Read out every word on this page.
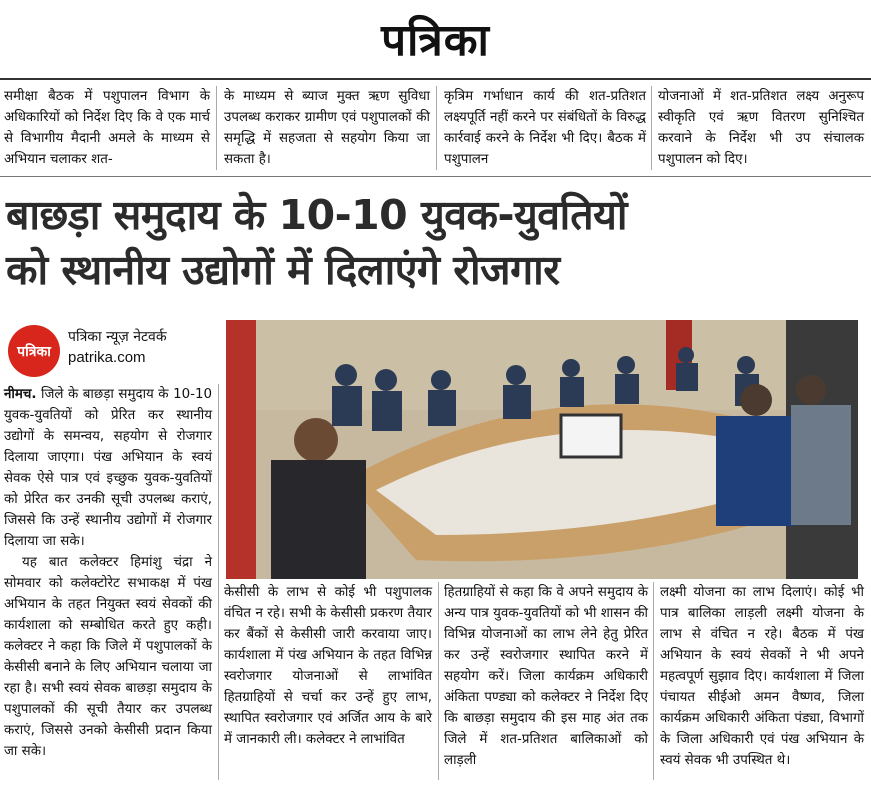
पत्रिका
समीक्षा बैठक में पशुपालन विभाग के अधिकारियों को निर्देश दिए कि वे एक मार्च से विभागीय मैदानी अमले के माध्यम से अभियान चलाकर शत-
के माध्यम से ब्याज मुक्त ऋण सुविधा उपलब्ध कराकर ग्रामीण एवं पशुपालकों की समृद्धि में सहजता से सहयोग किया जा सकता है।
कृत्रिम गर्भाधान कार्य की शत-प्रतिशत लक्ष्यपूर्ति नहीं करने पर संबंधितों के विरुद्ध कार्रवाई करने के निर्देश भी दिए। बैठक में पशुपालन
योजनाओं में शत-प्रतिशत लक्ष्य अनुरूप स्वीकृति एवं ऋण वितरण सुनिश्चित करवाने के निर्देश भी उप संचालक पशुपालन को दिए।
बाछड़ा समुदाय के 10-10 युवक-युवतियों
को स्थानीय उद्योगों में दिलाएंगे रोजगार
पत्रिका
पत्रिका न्यूज़ नेटवर्क
patrika.com

नीमच. जिले के बाछड़ा समुदाय के 10-10 युवक-युवतियों को प्रेरित कर स्थानीय उद्योगों के समन्वय, सहयोग से रोजगार दिलाया जाएगा। पंख अभियान के स्वयं सेवक ऐसे पात्र एवं इच्छुक युवक-युवतियों को प्रेरित कर उनकी सूची उपलब्ध कराएं, जिससे कि उन्हें स्थानीय उद्योगों में रोजगार दिलाया जा सके।

यह बात कलेक्टर हिमांशु चंद्रा ने सोमवार को कलेक्टोरेट सभाकक्ष में पंख अभियान के तहत नियुक्त स्वयं सेवकों की कार्यशाला को सम्बोधित करते हुए कही। कलेक्टर ने कहा कि जिले में पशुपालकों के केसीसी बनाने के लिए अभियान चलाया जा रहा है। सभी स्वयं सेवक बाछड़ा समुदाय के पशुपालकों की सूची तैयार कर उपलब्ध कराएं, जिससे उनको केसीसी प्रदान किया जा सके।

केसीसी के लाभ से कोई भी पशुपालक वंचित न रहे। सभी के केसीसी प्रकरण तैयार कर बैंकों से केसीसी जारी करवाया जाए। कार्यशाला में पंख अभियान के तहत विभिन्न स्वरोजगार योजनाओं से लाभांवित हितग्राहियों से चर्चा कर उन्हें हुए लाभ, स्थापित स्वरोजगार एवं अर्जित आय के बारे में जानकारी ली। कलेक्टर ने लाभांवित
हितग्राहियों से कहा कि वे अपने समुदाय के अन्य पात्र युवक-युवतियों को भी शासन की विभिन्न योजनाओं का लाभ लेने हेतु प्रेरित कर उन्हें स्वरोजगार स्थापित करने में सहयोग करें। जिला कार्यक्रम अधिकारी अंकिता पण्ड्या को कलेक्टर ने निर्देश दिए कि बाछड़ा समुदाय की इस माह अंत तक जिले में शत-प्रतिशत बालिकाओं को लाड़ली
लक्ष्मी योजना का लाभ दिलाएं। कोई भी पात्र बालिका लाड़ली लक्ष्मी योजना के लाभ से वंचित न रहे। बैठक में पंख अभियान के स्वयं सेवकों ने भी अपने महत्वपूर्ण सुझाव दिए। कार्यशाला में जिला पंचायत सीईओ अमन वैष्णव, जिला कार्यक्रम अधिकारी अंकिता पंड्या, विभागों के जिला अधिकारी एवं पंख अभियान के स्वयं सेवक भी उपस्थित थे।
